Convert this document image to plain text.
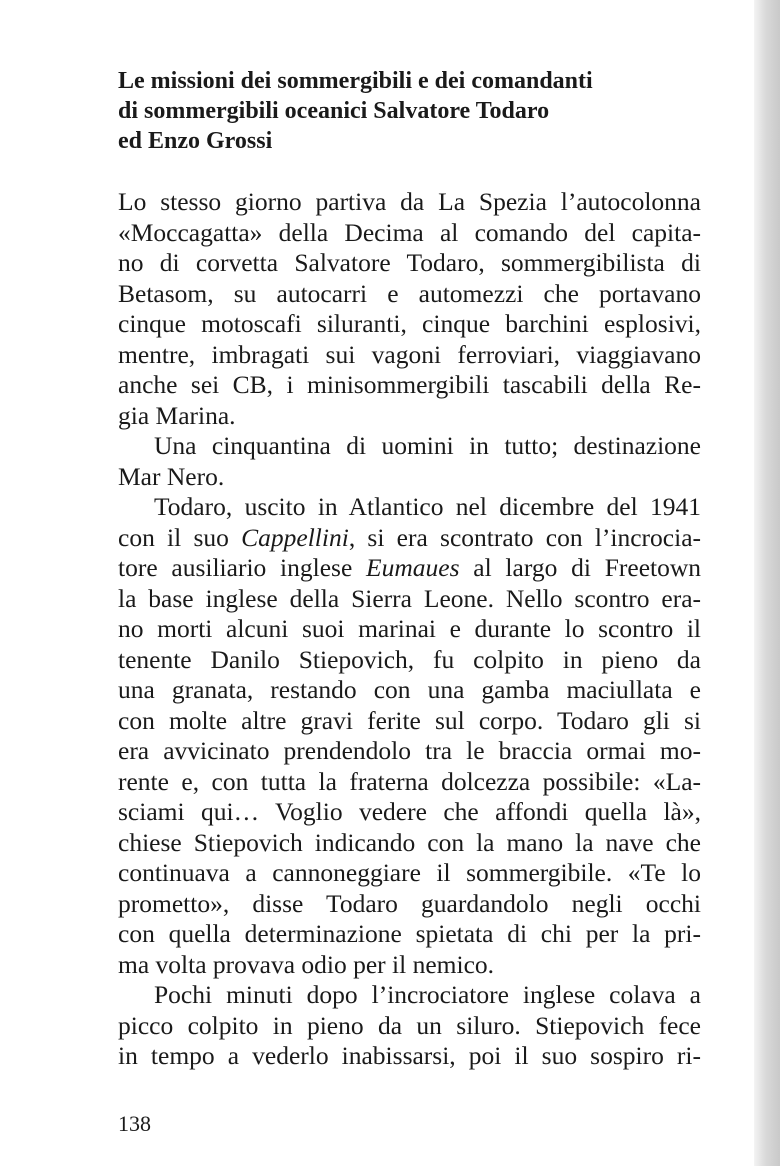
Le missioni dei sommergibili e dei comandanti
di sommergibili oceanici Salvatore Todaro
ed Enzo Grossi

Lo stesso giorno partiva da La Spezia l’autocolonna
«Moccagatta» della Decima al comando del capita-
no di corvetta Salvatore Todaro, sommergibilista di
Betasom, su autocarri e automezzi che portavano
cinque motoscafi siluranti, cinque barchini esplosivi,
mentre, imbragati sui vagoni ferroviari, viaggiavano
anche sei CB, i minisommergibili tascabili della Re-
gia Marina.

Una cinquantina di uomini in tutto; destinazione
Mar Nero.

Todaro, uscito in Atlantico nel dicembre del 1941
con il suo Cappellini, si era scontrato con l’incrocia-
tore ausiliario inglese Eumaues al largo di Freetown
la base inglese della Sierra Leone. Nello scontro era-
no morti alcuni suoi marinai e durante lo scontro il
tenente Danilo Stiepovich, fu colpito in pieno da
una granata, restando con una gamba maciullata e
con molte altre gravi ferite sul corpo. Todaro gli si
era avvicinato prendendolo tra le braccia ormai mo-
rente e, con tutta la fraterna dolcezza possibile: «La-
sciami qui… Voglio vedere che affondi quella là»,
chiese Stiepovich indicando con la mano la nave che
continuava a cannoneggiare il sommergibile. «Te lo
prometto», disse Todaro guardandolo negli occhi
con quella determinazione spietata di chi per la pri-
ma volta provava odio per il nemico.

Pochi minuti dopo l’incrociatore inglese colava a
picco colpito in pieno da un siluro. Stiepovich fece
in tempo a vederlo inabissarsi, poi il suo sospiro ri-

138
